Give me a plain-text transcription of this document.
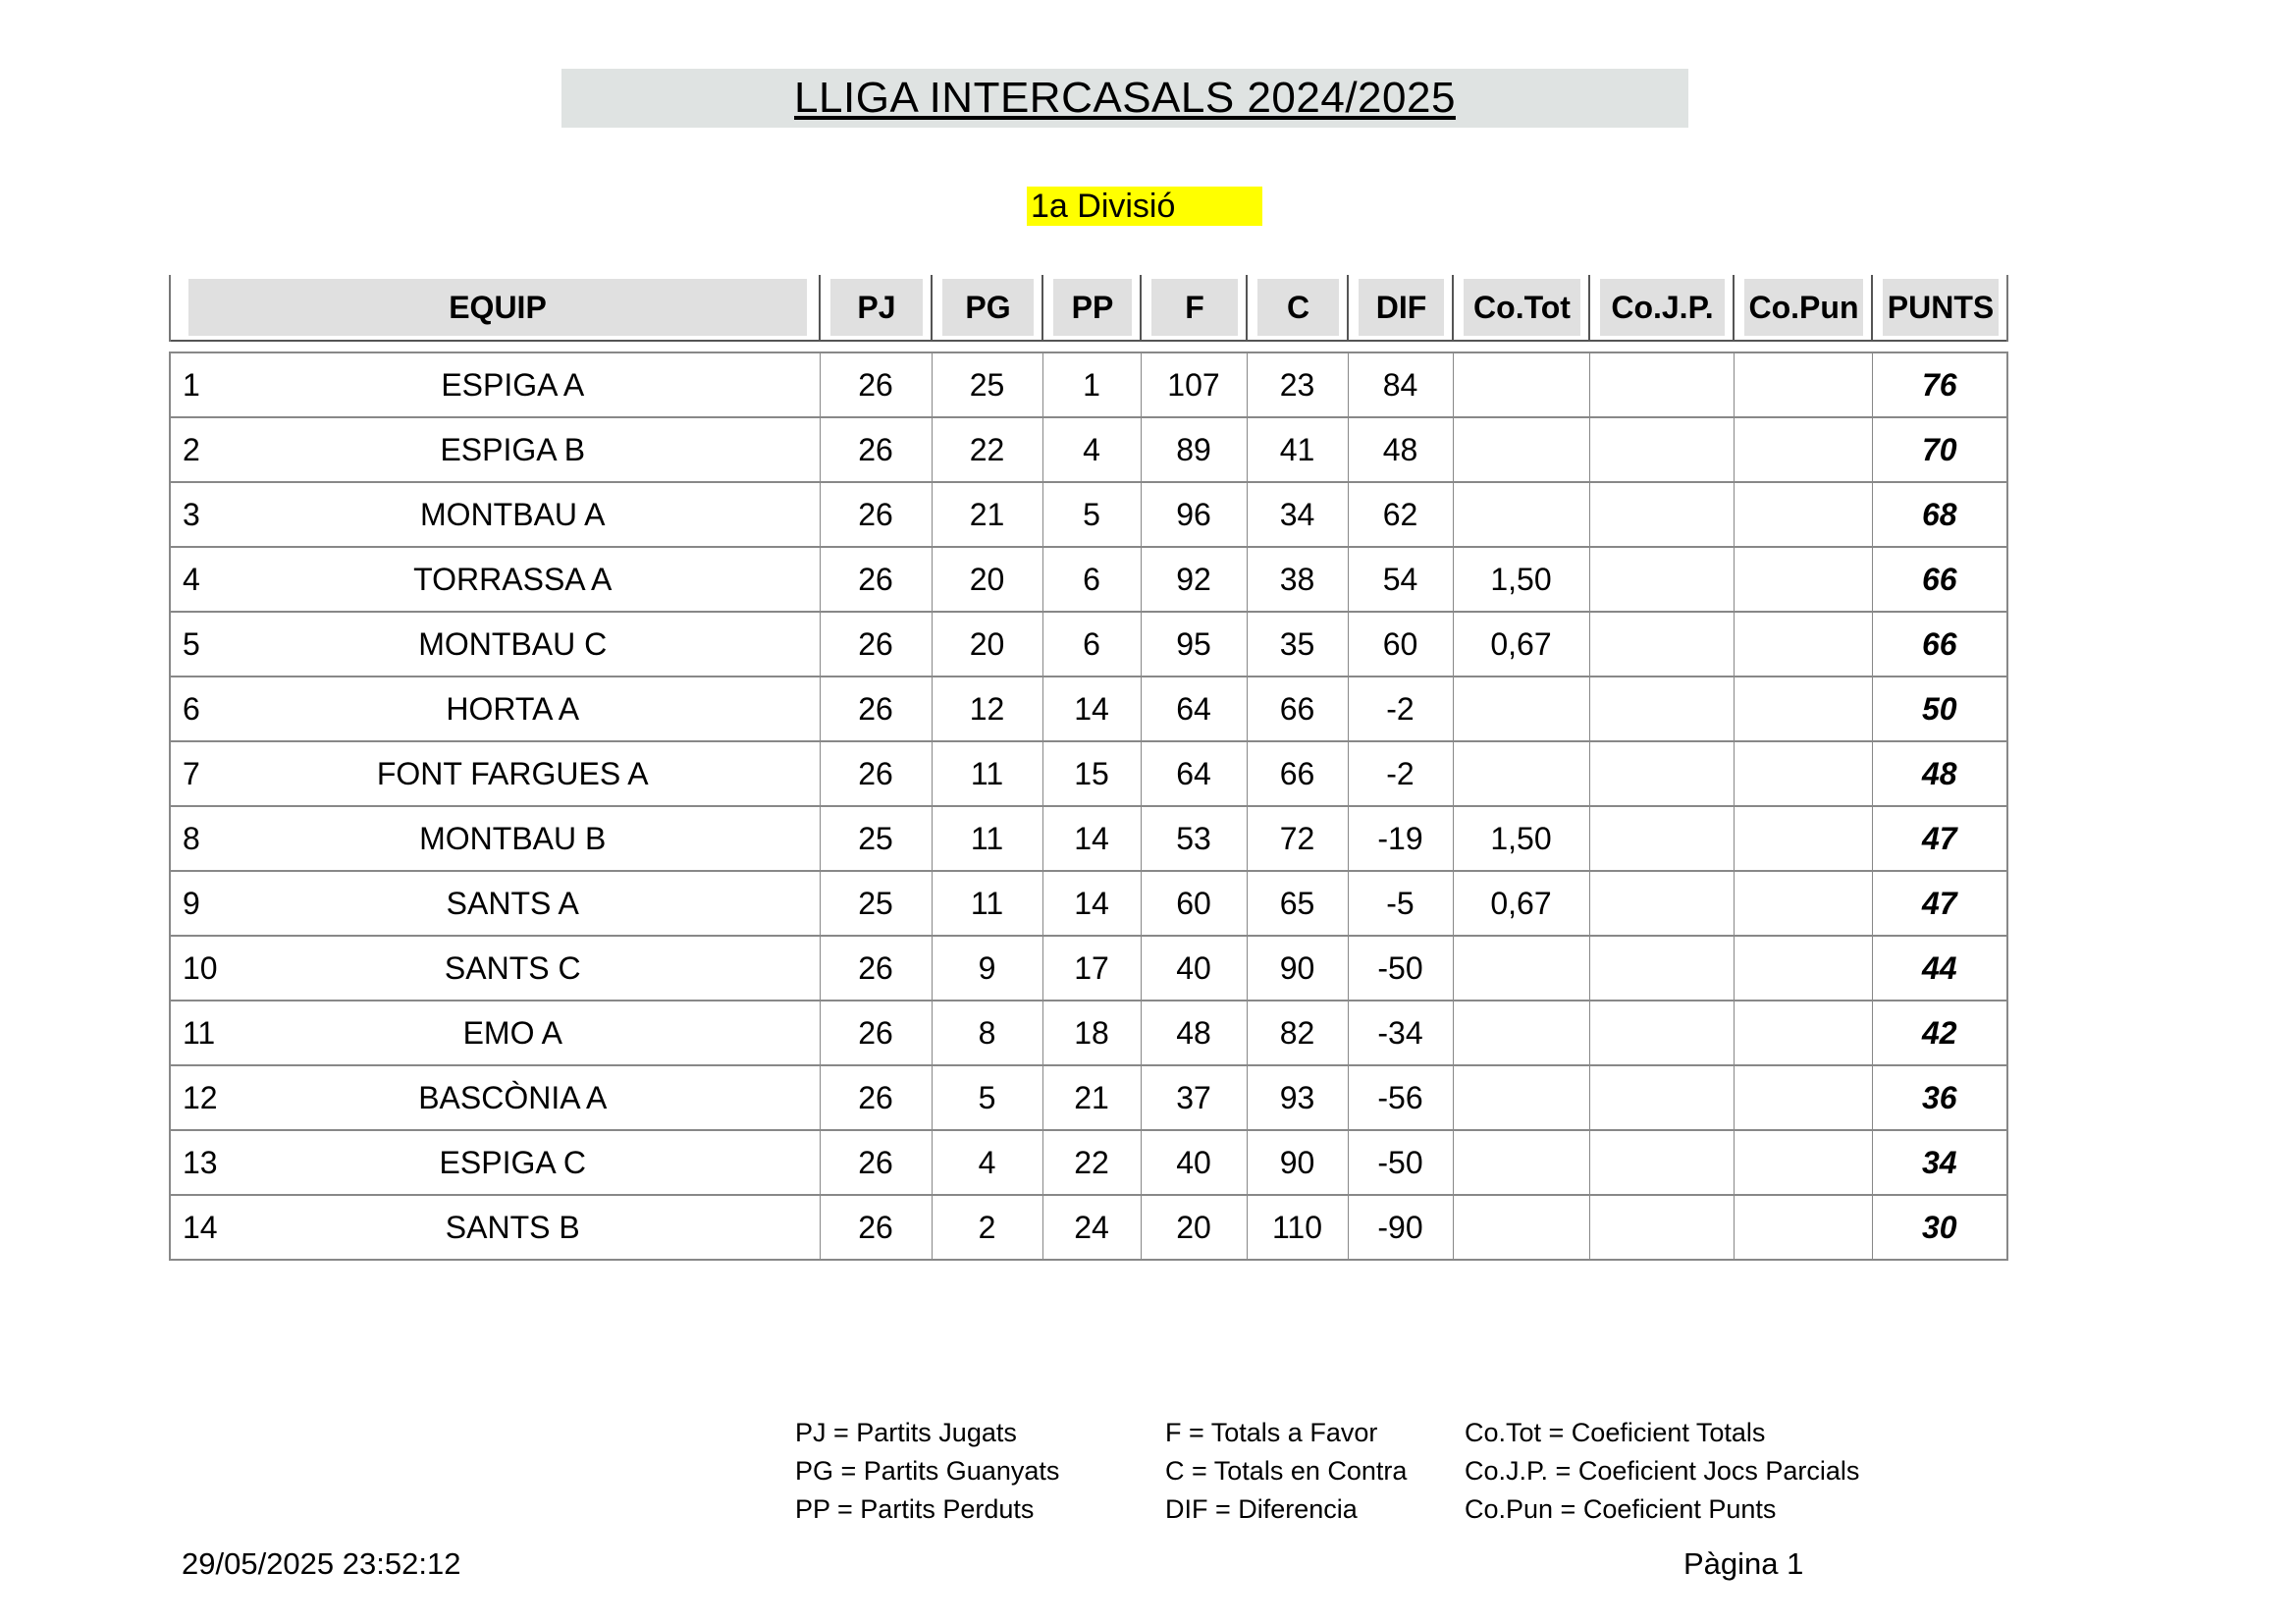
LLIGA INTERCASALS 2024/2025
1a Divisió
EQUIP	PJ	PG	PP	F	C	DIF	Co.Tot	Co.J.P.	Co.Pun	PUNTS

1 ESPIGA A	26	25	1	107	23	84				76

2 ESPIGA B	26	22	4	89	41	48				70

3 MONTBAU A	26	21	5	96	34	62				68

4 TORRASSA A	26	20	6	92	38	54	1,50			66

5 MONTBAU C	26	20	6	95	35	60	0,67			66

6 HORTA A	26	12	14	64	66	-2				50

7 FONT FARGUES A	26	11	15	64	66	-2				48

8 MONTBAU B	25	11	14	53	72	-19	1,50			47

9 SANTS A	25	11	14	60	65	-5	0,67			47

10 SANTS C	26	9	17	40	90	-50				44

11 EMO A	26	8	18	48	82	-34				42

12 BASCÒNIA A	26	5	21	37	93	-56				36

13 ESPIGA C	26	4	22	40	90	-50				34

14 SANTS B	26	2	24	20	110	-90				30
PJ = Partits Jugats
PG = Partits Guanyats
PP = Partits Perduts
F = Totals a Favor
C = Totals en Contra
DIF = Diferencia
Co.Tot = Coeficient Totals
Co.J.P. = Coeficient Jocs Parcials
Co.Pun = Coeficient Punts
29/05/2025 23:52:12	Pàgina 1
